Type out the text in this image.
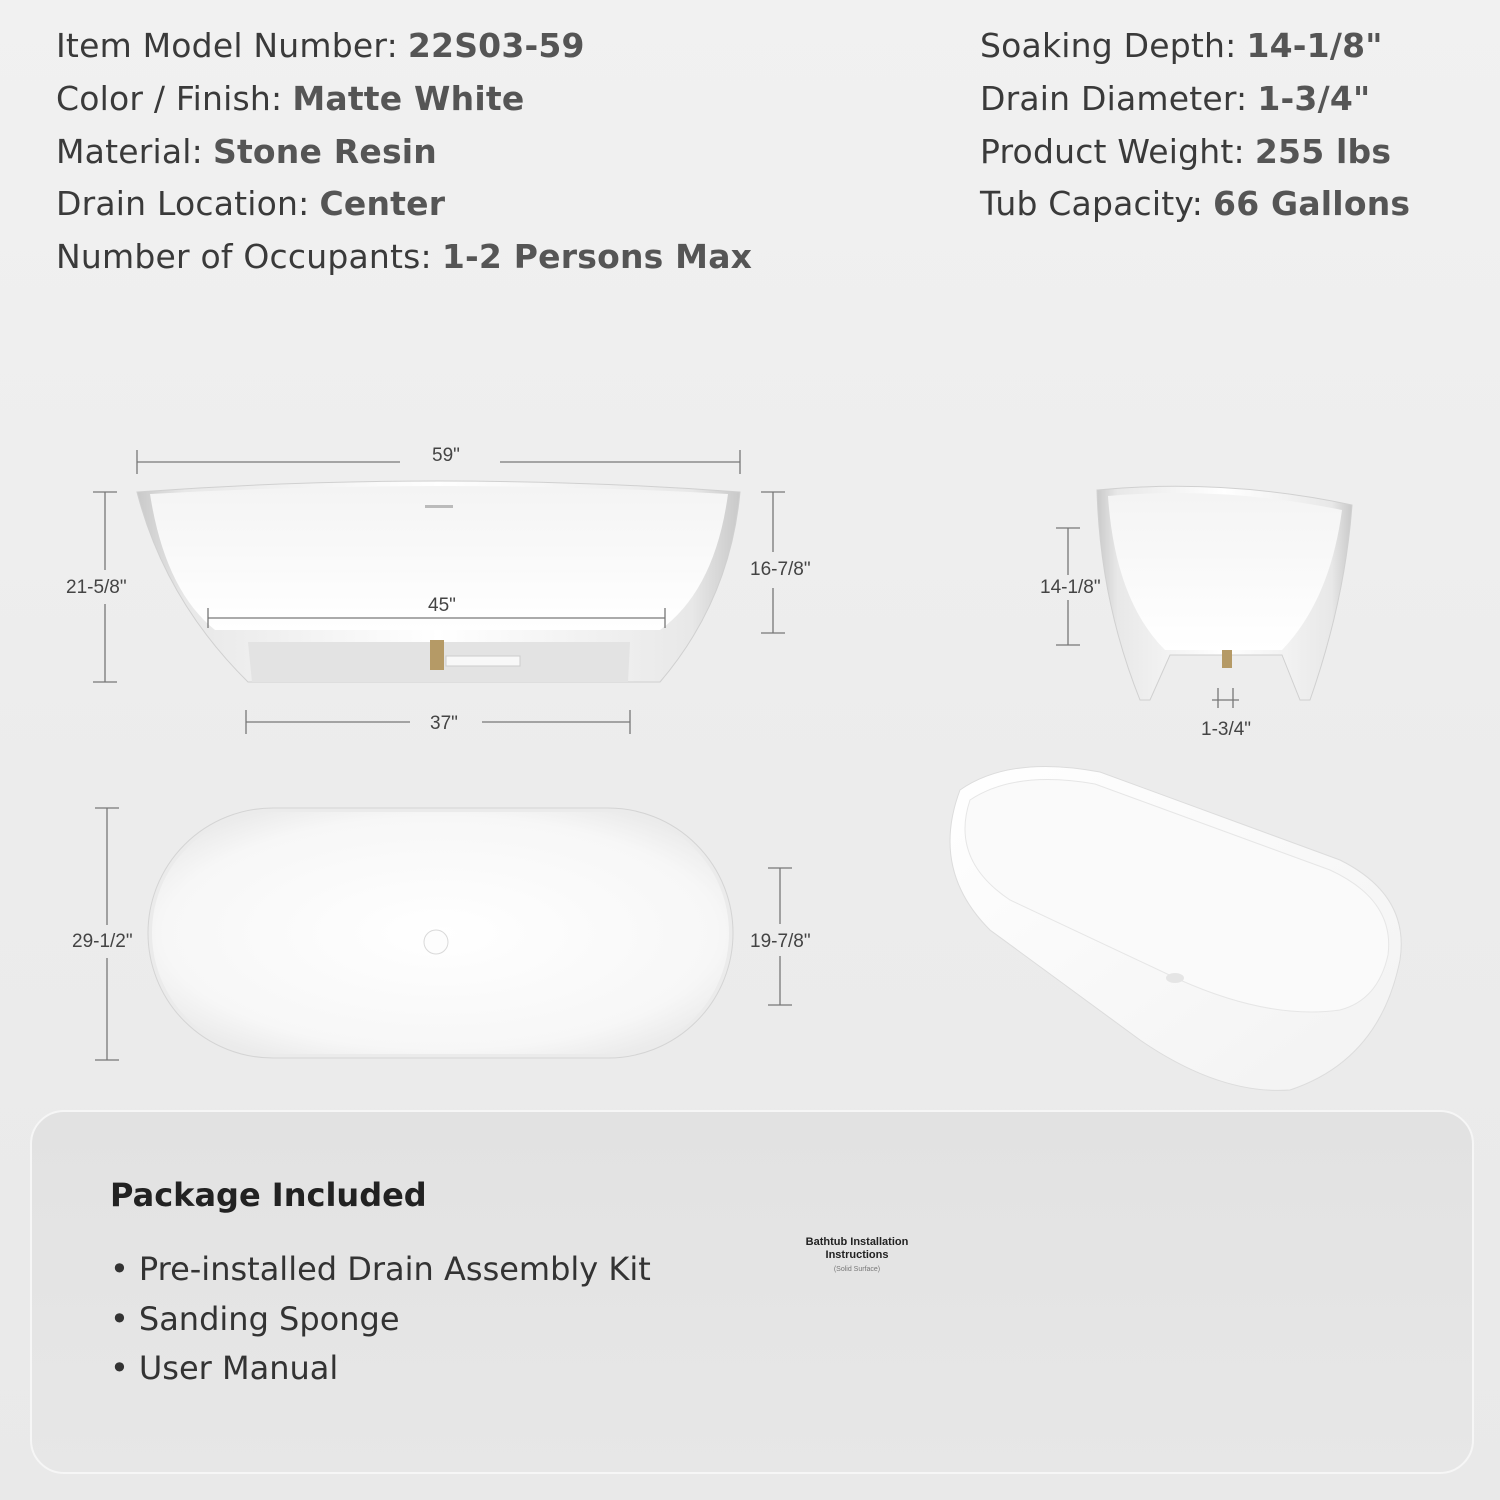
Item Model Number: 22S03-59
Color / Finish: Matte White
Material: Stone Resin
Drain Location: Center
Number of Occupants: 1-2 Persons Max
Soaking Depth: 14-1/8"
Drain Diameter: 1-3/4"
Product Weight: 255 lbs
Tub Capacity: 66 Gallons
59"
21-5/8"
16-7/8"
45"
37"
14-1/8"
1-3/4"
29-1/2"	19-7/8"
Package Included
• Pre-installed Drain Assembly Kit
• Sanding Sponge
• User Manual
Bathtub Installation Instructions
(Solid Surface)
